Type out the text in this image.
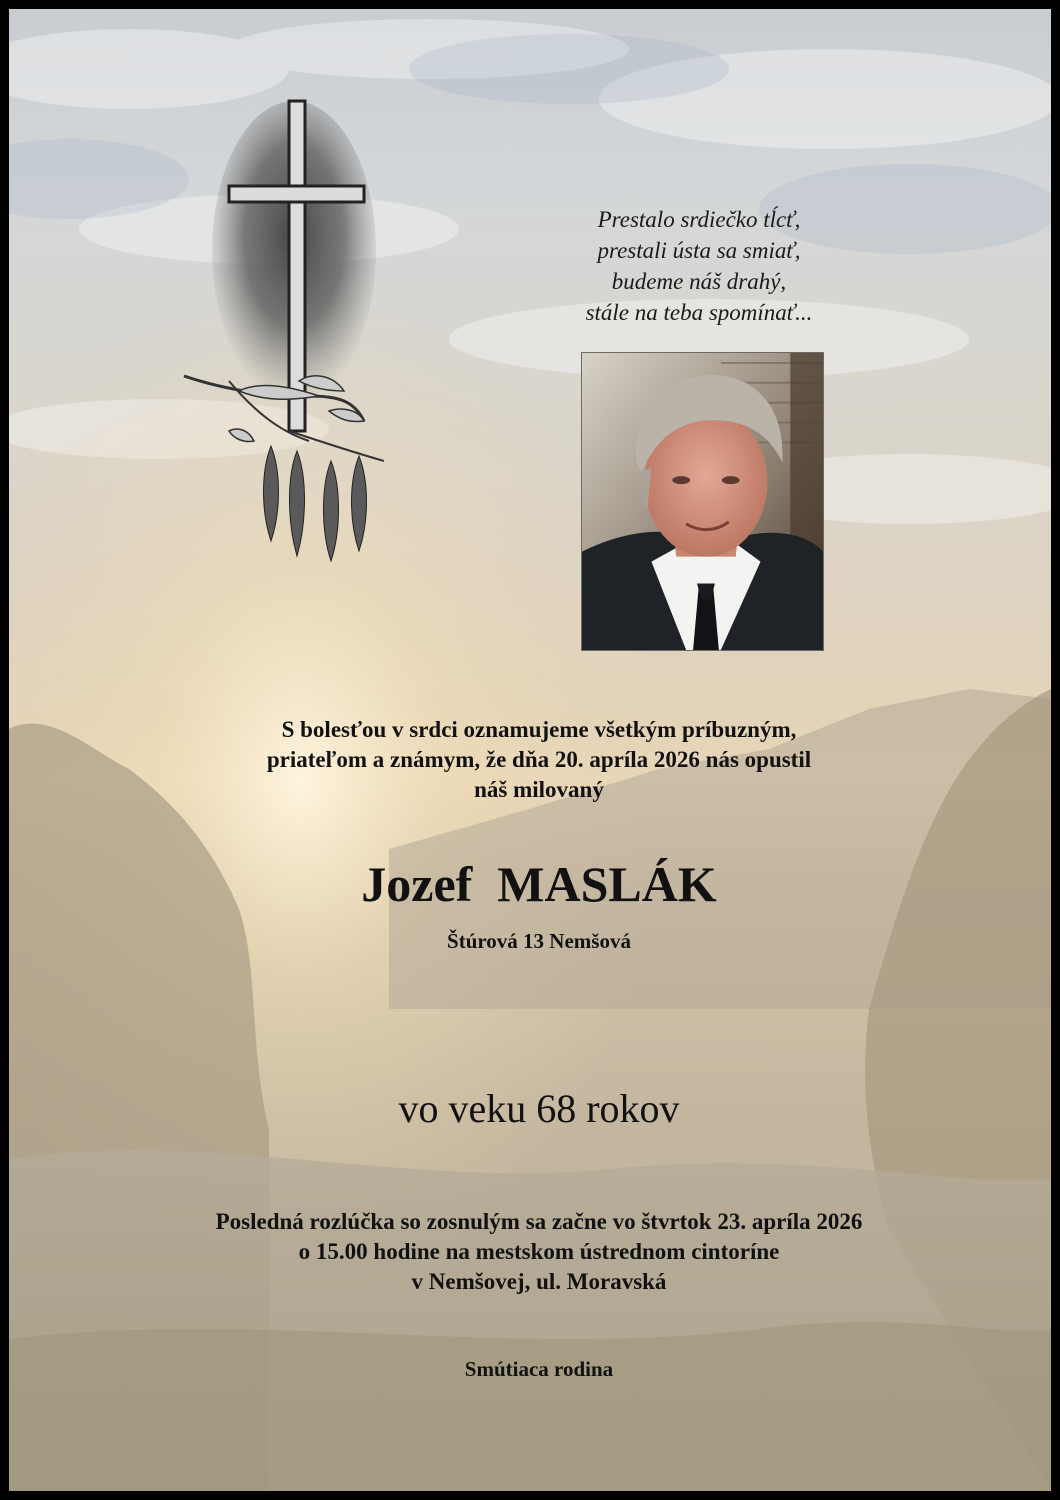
Prestalo srdiečko tĺcť,
prestali ústa sa smiať,
budeme náš drahý,
stále na teba spomínať...
S bolesťou v srdci oznamujeme všetkým príbuzným,
priateľom a známym, že dňa 20. apríla 2026 nás opustil
náš milovaný
Jozef  MASLÁK
Štúrová 13 Nemšová
vo veku 68 rokov
Posledná rozlúčka so zosnulým sa začne vo štvrtok 23. apríla 2026
o 15.00 hodine na mestskom ústrednom cintoríne
v Nemšovej, ul. Moravská
Smútiaca rodina
